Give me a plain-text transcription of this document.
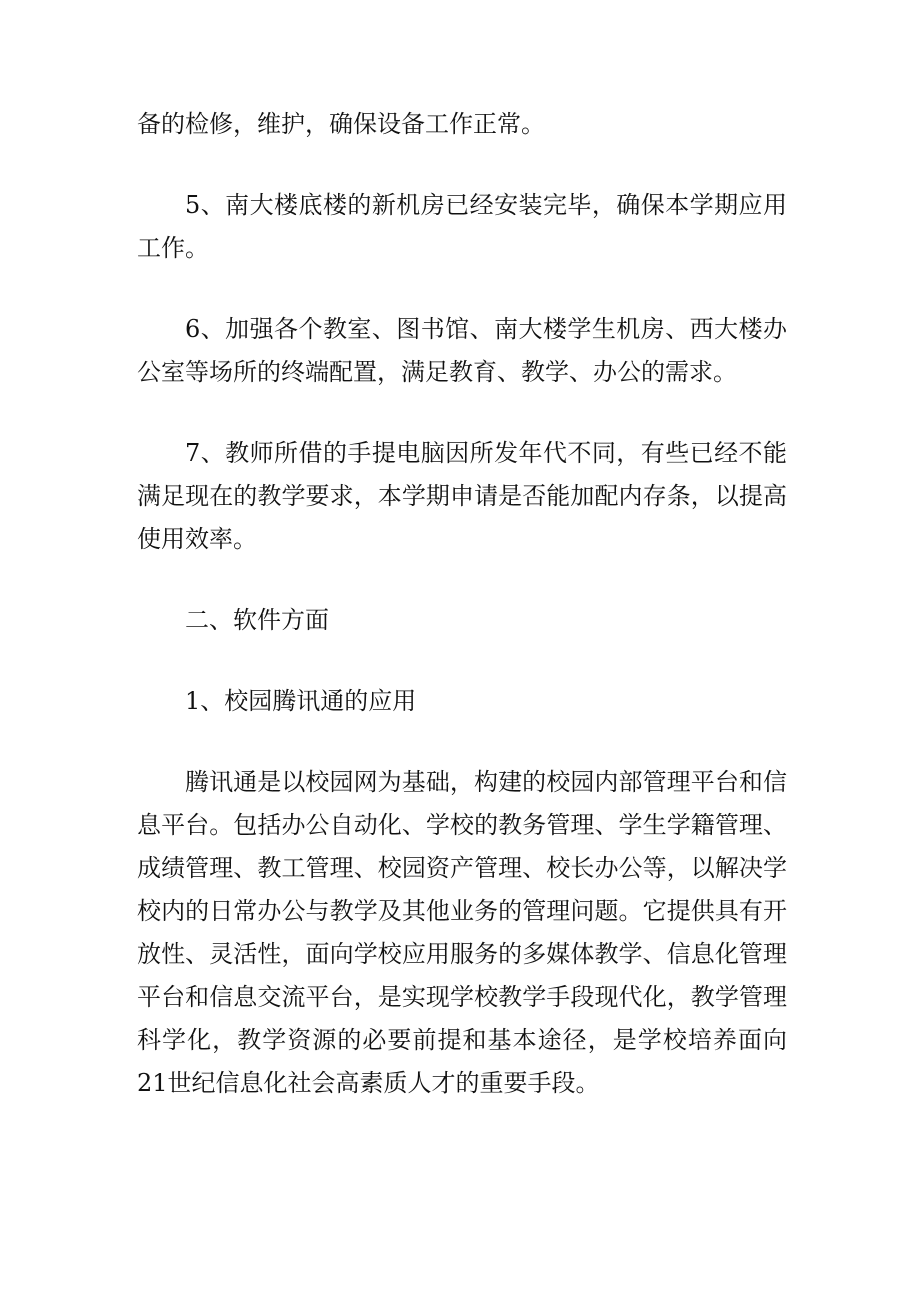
备的检修，维护，确保设备工作正常。

5、南大楼底楼的新机房已经安装完毕，确保本学期应用工作。

6、加强各个教室、图书馆、南大楼学生机房、西大楼办公室等场所的终端配置，满足教育、教学、办公的需求。

7、教师所借的手提电脑因所发年代不同，有些已经不能满足现在的教学要求，本学期申请是否能加配内存条，以提高使用效率。

二、软件方面

1、校园腾讯通的应用

腾讯通是以校园网为基础，构建的校园内部管理平台和信息平台。包括办公自动化、学校的教务管理、学生学籍管理、成绩管理、教工管理、校园资产管理、校长办公等，以解决学校内的日常办公与教学及其他业务的管理问题。它提供具有开放性、灵活性，面向学校应用服务的多媒体教学、信息化管理平台和信息交流平台，是实现学校教学手段现代化，教学管理科学化，教学资源的必要前提和基本途径，是学校培养面向21世纪信息化社会高素质人才的重要手段。
